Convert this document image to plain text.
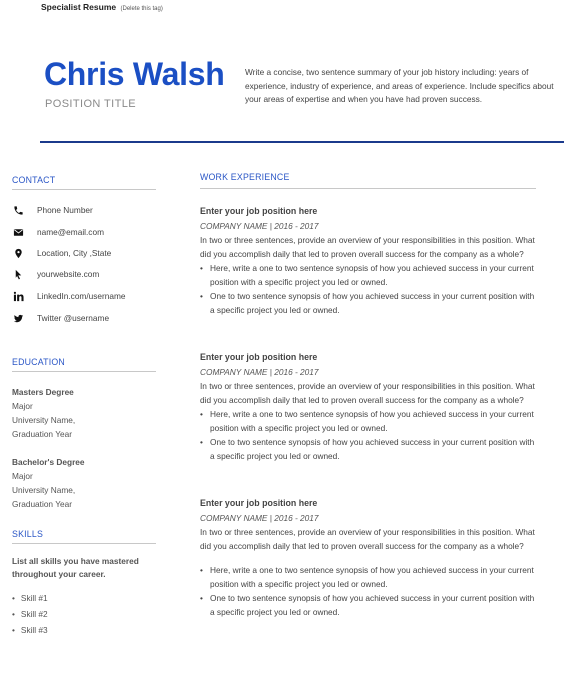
Specialist Resume (Delete this tag)
Chris Walsh
POSITION TITLE
Write a concise, two sentence summary of your job history including: years of experience, industry of experience, and areas of experience. Include specifics about your areas of expertise and when you have had proven success.
CONTACT
Phone Number
name@email.com
Location, City ,State
yourwebsite.com
LinkedIn.com/username
Twitter @username
EDUCATION
Masters Degree
Major
University Name,
Graduation Year
Bachelor's Degree
Major
University Name,
Graduation Year
SKILLS
List all skills you have mastered throughout your career.
• Skill #1
• Skill #2
• Skill #3
WORK EXPERIENCE
Enter your job position here
COMPANY NAME | 2016 - 2017
In two or three sentences, provide an overview of your responsibilities in this position. What did you accomplish daily that led to proven overall success for the company as a whole?
• Here, write a one to two sentence synopsis of how you achieved success in your current position with a specific project you led or owned.
• One to two sentence synopsis of how you achieved success in your current position with a specific project you led or owned.
Enter your job position here
COMPANY NAME | 2016 - 2017
In two or three sentences, provide an overview of your responsibilities in this position. What did you accomplish daily that led to proven overall success for the company as a whole?
• Here, write a one to two sentence synopsis of how you achieved success in your current position with a specific project you led or owned.
• One to two sentence synopsis of how you achieved success in your current position with a specific project you led or owned.
Enter your job position here
COMPANY NAME | 2016 - 2017
In two or three sentences, provide an overview of your responsibilities in this position. What did you accomplish daily that led to proven overall success for the company as a whole?
• Here, write a one to two sentence synopsis of how you achieved success in your current position with a specific project you led or owned.
• One to two sentence synopsis of how you achieved success in your current position with a specific project you led or owned.
